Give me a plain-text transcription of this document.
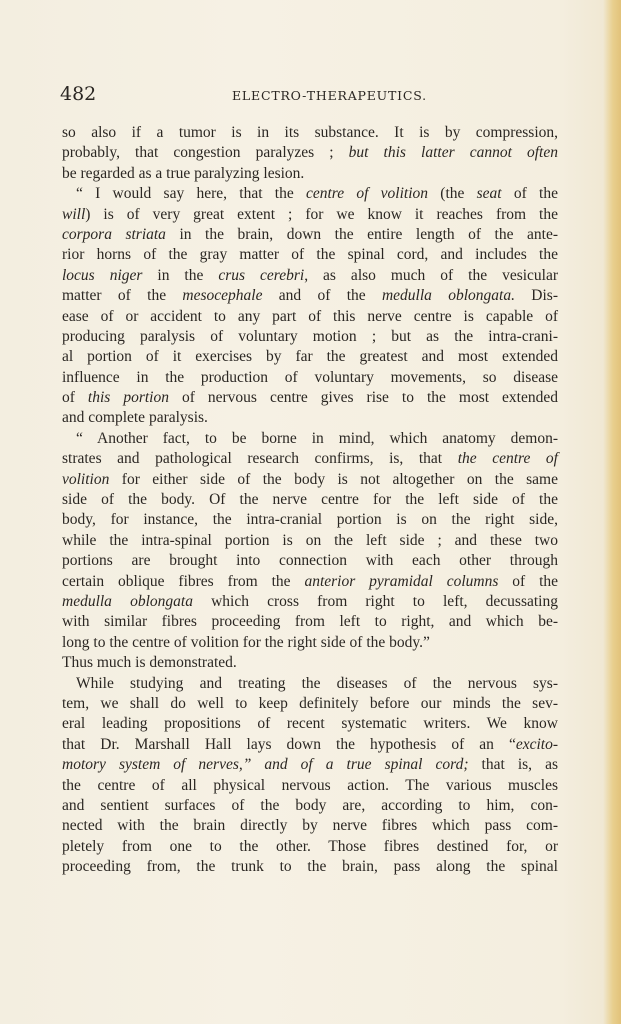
482	ELECTRO-THERAPEUTICS.
so also if a tumor is in its substance. It is by compression,
probably, that congestion paralyzes ; but this latter cannot often
be regarded as a true paralyzing lesion.
“ I would say here, that the centre of volition (the seat of the
will) is of very great extent ; for we know it reaches from the
corpora striata in the brain, down the entire length of the ante-
rior horns of the gray matter of the spinal cord, and includes the
locus niger in the crus cerebri, as also much of the vesicular
matter of the mesocephale and of the medulla oblongata. Dis-
ease of or accident to any part of this nerve centre is capable of
producing paralysis of voluntary motion ; but as the intra-crani-
al portion of it exercises by far the greatest and most extended
influence in the production of voluntary movements, so disease
of this portion of nervous centre gives rise to the most extended
and complete paralysis.
“ Another fact, to be borne in mind, which anatomy demon-
strates and pathological research confirms, is, that the centre of
volition for either side of the body is not altogether on the same
side of the body. Of the nerve centre for the left side of the
body, for instance, the intra-cranial portion is on the right side,
while the intra-spinal portion is on the left side ; and these two
portions are brought into connection with each other through
certain oblique fibres from the anterior pyramidal columns of the
medulla oblongata which cross from right to left, decussating
with similar fibres proceeding from left to right, and which be-
long to the centre of volition for the right side of the body.”
Thus much is demonstrated.
While studying and treating the diseases of the nervous sys-
tem, we shall do well to keep definitely before our minds the sev-
eral leading propositions of recent systematic writers. We know
that Dr. Marshall Hall lays down the hypothesis of an “excito-
motory system of nerves,” and of a true spinal cord; that is, as
the centre of all physical nervous action. The various muscles
and sentient surfaces of the body are, according to him, con-
nected with the brain directly by nerve fibres which pass com-
pletely from one to the other. Those fibres destined for, or
proceeding from, the trunk to the brain, pass along the spinal
